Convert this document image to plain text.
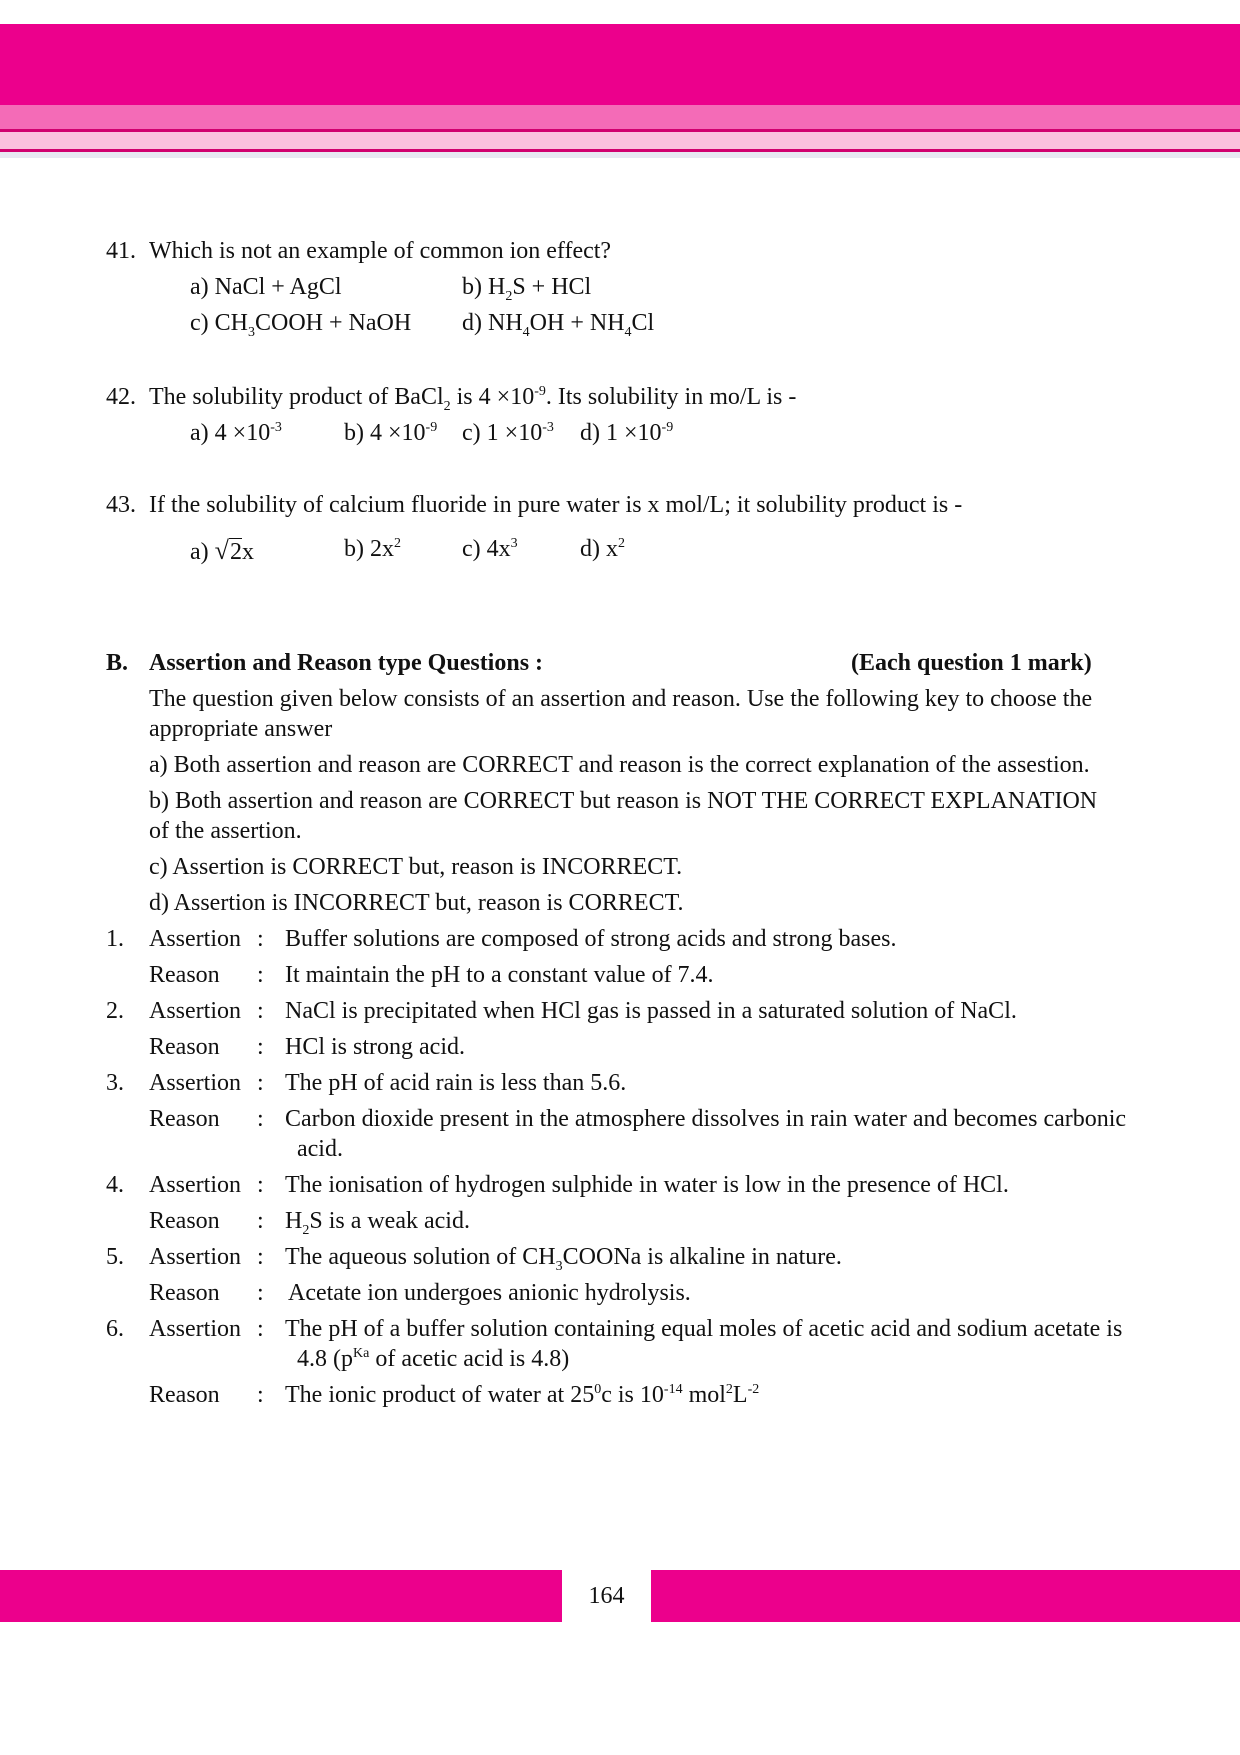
41. Which is not an example of common ion effect?
a) NaCl + AgCl	b) $H_2S$ + HCl
c) $CH_3COOH$ + NaOH d) $NH_4OH + NH_4Cl$
42. The solubility product of BaCl$_2$ is $4 \times 10^{-9}$. Its solubility in mo/L is -
a) $4 \times 10^{-3}$	b) $4 \times 10^{-9}$ c) $1 \times 10^{-3}$ d) $1 \times 10^{-9}$
43. If the solubility of calcium fluoride in pure water is x mol/L; it solubility product is -
a) √2x	b) $2x^2$	c) $4x^3$	d) $x^2$
B. Assertion and Reason type Questions :	(Each question 1 mark)
The question given below consists of an assertion and reason. Use the following key to choose the
appropriate answer
a) Both assertion and reason are CORRECT and reason is the correct explanation of the assestion.
b) Both assertion and reason are CORRECT but reason is NOT THE CORRECT EXPLANATION
of the assertion.
c) Assertion is CORRECT but, reason is INCORRECT.
d) Assertion is INCORRECT but, reason is CORRECT.
1. Assertion : Buffer solutions are composed of strong acids and strong bases.
Reason : It maintain the pH to a constant value of 7.4.
2. Assertion : NaCl is precipitated when HCl gas is passed in a saturated solution of NaCl.
Reason : HCl is strong acid.
3. Assertion : The pH of acid rain is less than 5.6.
Reason : Carbon dioxide present in the atmosphere dissolves in rain water and becomes carbonic
acid.
4. Assertion : The ionisation of hydrogen sulphide in water is low in the presence of HCl.
Reason : $H_2S$ is a weak acid.
5. Assertion : The aqueous solution of $CH_3COONa$ is alkaline in nature.
Reason : Acetate ion undergoes anionic hydrolysis.
6. Assertion : The pH of a buffer solution containing equal moles of acetic acid and sodium acetate is
4.8 ($p^{Ka}$ of acetic acid is 4.8)
Reason : The ionic product of water at $25^0c$ is $10^{-14}$ $mol^2L^{-2}$
164
